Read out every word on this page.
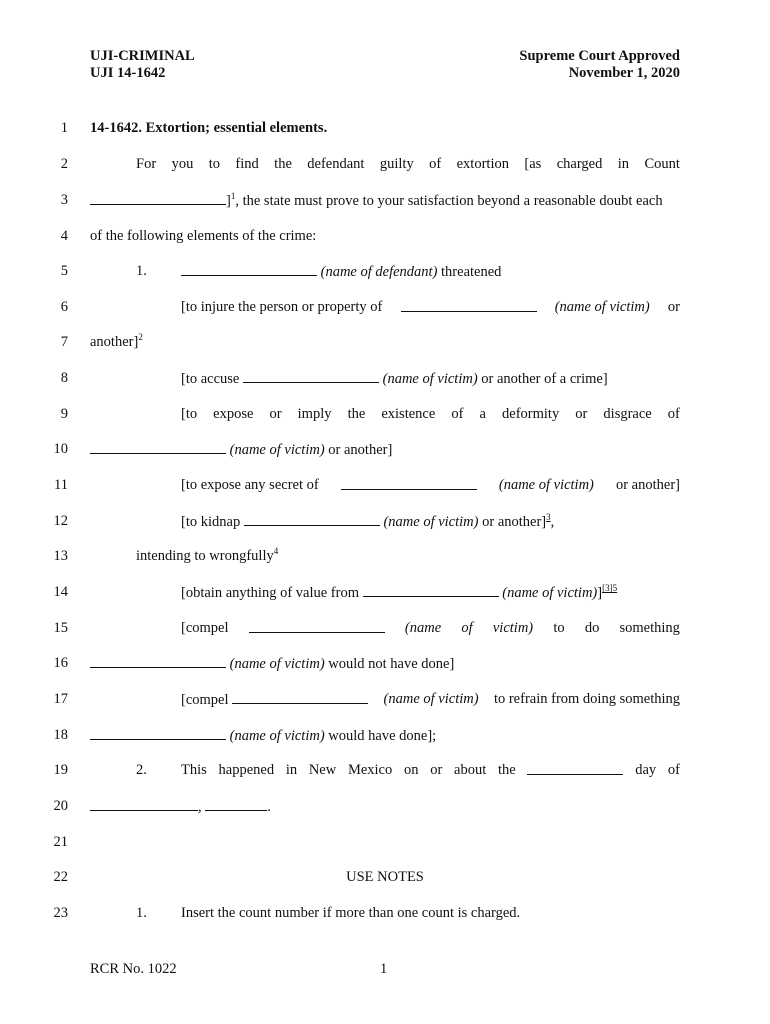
UJI-CRIMINAL
UJI 14-1642
Supreme Court Approved
November 1, 2020
1 14-1642. Extortion; essential elements.
2	For you to find the defendant guilty of extortion [as charged in Count
3	]$^1$, the state must prove to your satisfaction beyond a reasonable doubt each
4 of the following elements of the crime:
5	1.	(name of defendant) threatened
6	[to injure the person or property of	(name of victim) or
7 another]$^2$
8	[to accuse	(name of victim) or another of a crime]
9	[to expose or imply the existence of a deformity or disgrace of
10	(name of victim) or another]
11	[to expose any secret of	(name of victim) or another]
12	[to kidnap	(name of victim) or another]$^3$,
13	intending to wrongfully$^4$
14	[obtain anything of value from	(name of victim)]$^{[3]5}$
15	[compel	(name of victim) to do something
16	(name of victim) would not have done]
17	[compel	(name of victim) to refrain from doing something
18	(name of victim) would have done];
19	2.	This happened in New Mexico on or about the	day of
20	,	.
21
22	USE NOTES
23	1.	Insert the count number if more than one count is charged.
RCR No. 1022	1
